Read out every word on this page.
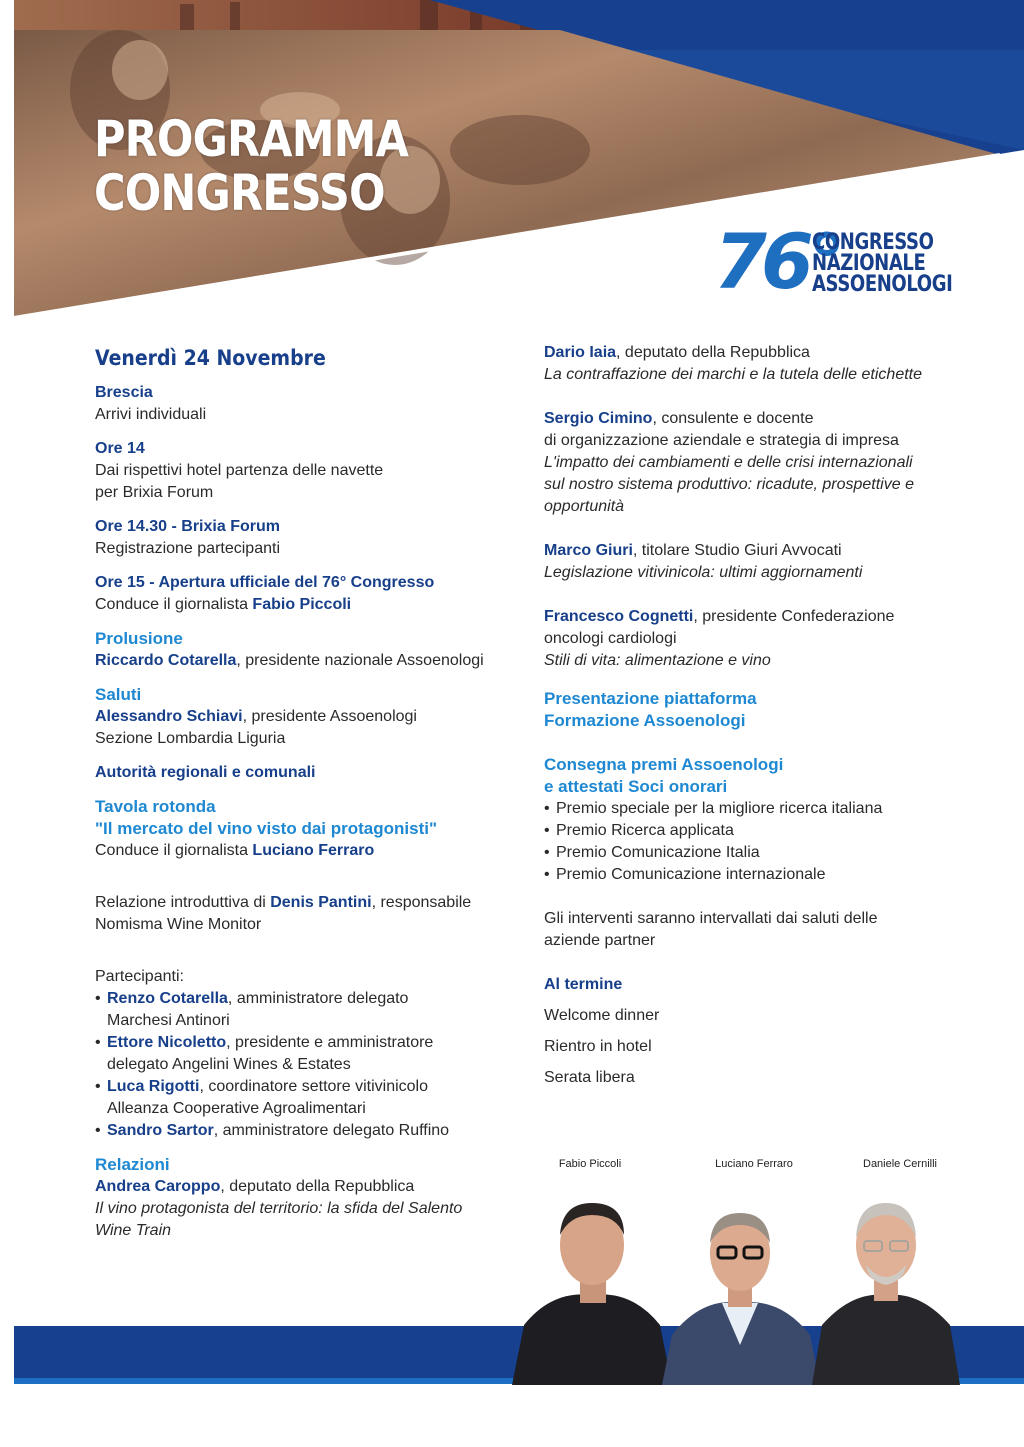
PROGRAMMA
CONGRESSO
76°
CONGRESSO
NAZIONALE
ASSOENOLOGI
Venerdì 24 Novembre
Brescia
Arrivi individuali
Ore 14
Dai rispettivi hotel partenza delle navette
per Brixia Forum
Ore 14.30 - Brixia Forum
Registrazione partecipanti
Ore 15 - Apertura ufficiale del 76° Congresso
Conduce il giornalista Fabio Piccoli
Prolusione
Riccardo Cotarella, presidente nazionale Assoenologi
Saluti
Alessandro Schiavi, presidente Assoenologi
Sezione Lombardia Liguria
Autorità regionali e comunali
Tavola rotonda
"Il mercato del vino visto dai protagonisti"
Conduce il giornalista Luciano Ferraro
Relazione introduttiva di Denis Pantini, responsabile
Nomisma Wine Monitor
Partecipanti:
• Renzo Cotarella, amministratore delegato
Marchesi Antinori
• Ettore Nicoletto, presidente e amministratore
delegato Angelini Wines & Estates
• Luca Rigotti, coordinatore settore vitivinicolo
Alleanza Cooperative Agroalimentari
• Sandro Sartor, amministratore delegato Ruffino
Relazioni
Andrea Caroppo, deputato della Repubblica
Il vino protagonista del territorio: la sfida del Salento
Wine Train
Dario Iaia, deputato della Repubblica
La contraffazione dei marchi e la tutela delle etichette
Sergio Cimino, consulente e docente
di organizzazione aziendale e strategia di impresa
L'impatto dei cambiamenti e delle crisi internazionali
sul nostro sistema produttivo: ricadute, prospettive e
opportunità
Marco Giuri, titolare Studio Giuri Avvocati
Legislazione vitivinicola: ultimi aggiornamenti
Francesco Cognetti, presidente Confederazione
oncologi cardiologi
Stili di vita: alimentazione e vino
Presentazione piattaforma
Formazione Assoenologi
Consegna premi Assoenologi
e attestati Soci onorari
• Premio speciale per la migliore ricerca italiana
• Premio Ricerca applicata
• Premio Comunicazione Italia
• Premio Comunicazione internazionale
Gli interventi saranno intervallati dai saluti delle
aziende partner
Al termine
Welcome dinner
Rientro in hotel
Serata libera
Fabio Piccoli	Luciano Ferraro	Daniele Cernilli
